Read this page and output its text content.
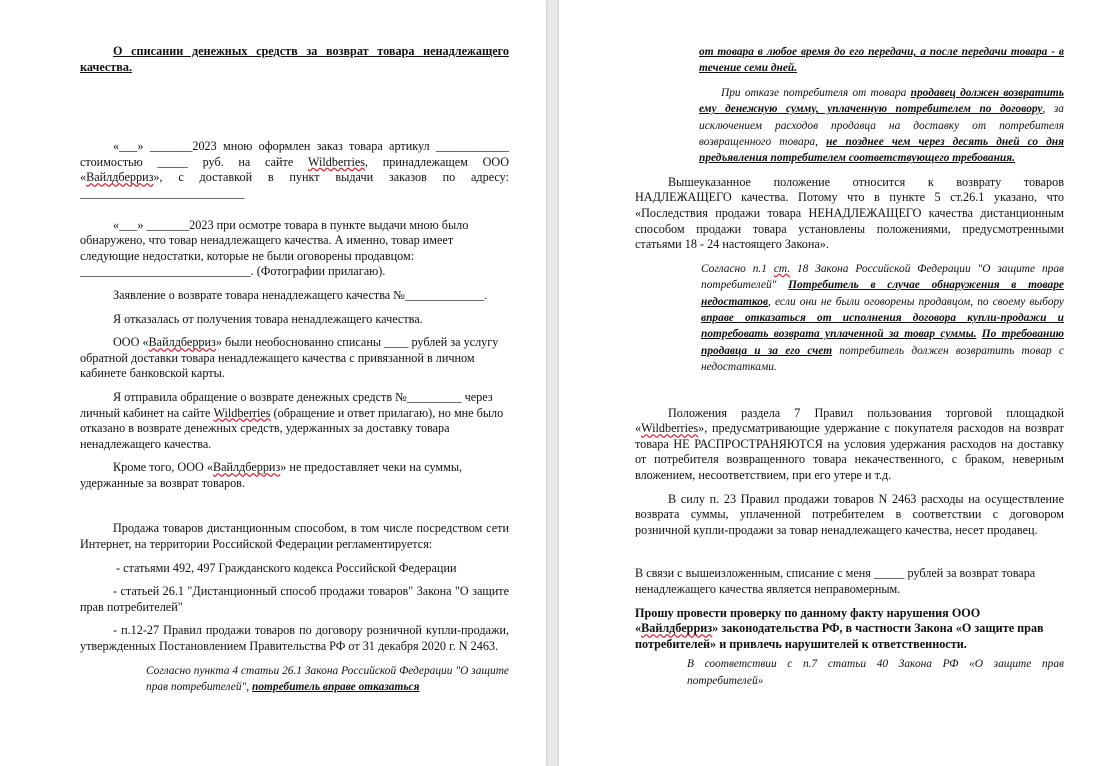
О списании денежных средств за возврат товара ненадлежащего качества.

«___» _______2023 мною оформлен заказ товара артикул ____________ стоимостью _____ руб. на сайте Wildberries, принадлежащем ООО «Вайлдберриз», с доставкой в пункт выдачи заказов по адресу: ___________________________

«___» _______2023 при осмотре товара в пункте выдачи мною было обнаружено, что товар ненадлежащего качества. А именно, товар имеет следующие недостатки, которые не были оговорены продавцом: ____________________________. (Фотографии прилагаю).

Заявление о возврате товара ненадлежащего качества №_____________.

Я отказалась от получения товара ненадлежащего качества.

ООО «Вайлдберриз» были необоснованно списаны ____ рублей за услугу обратной доставки товара ненадлежащего качества с привязанной в личном кабинете банковской карты.

Я отправила обращение о возврате денежных средств №_________ через личный кабинет на сайте Wildberries (обращение и ответ прилагаю), но мне было отказано в возврате денежных средств, удержанных за доставку товара ненадлежащего качества.

Кроме того, ООО «Вайлдберриз» не предоставляет чеки на суммы, удержанные за возврат товаров.

Продажа товаров дистанционным способом, в том числе посредством сети Интернет, на территории Российской Федерации регламентируется:

- статьями 492, 497 Гражданского кодекса Российской Федерации

- статьей 26.1 "Дистанционный способ продажи товаров" Закона "О защите прав потребителей"

- п.12-27 Правил продажи товаров по договору розничной купли-продажи, утвержденных Постановлением Правительства РФ от 31 декабря 2020 г. N 2463.

Согласно пункта 4 статьи 26.1 Закона Российской Федерации "О защите прав потребителей", потребитель вправе отказаться

от товара в любое время до его передачи, а после передачи товара - в течение семи дней.

При отказе потребителя от товара продавец должен возвратить ему денежную сумму, уплаченную потребителем по договору, за исключением расходов продавца на доставку от потребителя возвращенного товара, не позднее чем через десять дней со дня предъявления потребителем соответствующего требования.

Вышеуказанное положение относится к возврату товаров НАДЛЕЖАЩЕГО качества. Потому что в пункте 5 ст.26.1 указано, что «Последствия продажи товара НЕНАДЛЕЖАЩЕГО качества дистанционным способом продажи товара установлены положениями, предусмотренными статьями 18 - 24 настоящего Закона».

Согласно п.1 ст. 18 Закона Российской Федерации "О защите прав потребителей" Потребитель в случае обнаружения в товаре недостатков, если они не были оговорены продавцом, по своему выбору вправе отказаться от исполнения договора купли-продажи и потребовать возврата уплаченной за товар суммы. По требованию продавца и за его счет потребитель должен возвратить товар с недостатками.

Положения раздела 7 Правил пользования торговой площадкой «Wildberries», предусматривающие удержание с покупателя расходов на возврат товара НЕ РАСПРОСТРАНЯЮТСЯ на условия удержания расходов на доставку от потребителя возвращенного товара некачественного, с браком, неверным вложением, несоответствием, при его утере и т.д.

В силу п. 23 Правил продажи товаров N 2463 расходы на осуществление возврата суммы, уплаченной потребителем в соответствии с договором розничной купли-продажи за товар ненадлежащего качества, несет продавец.

В связи с вышеизложенным, списание с меня _____ рублей за возврат товара ненадлежащего качества является неправомерным.

Прошу провести проверку по данному факту нарушения ООО «Вайлдберриз» законодательства РФ, в частности Закона «О защите прав потребителей» и привлечь нарушителей к ответственности.

В соответствии с п.7 статьи 40 Закона РФ «О защите прав потребителей»
